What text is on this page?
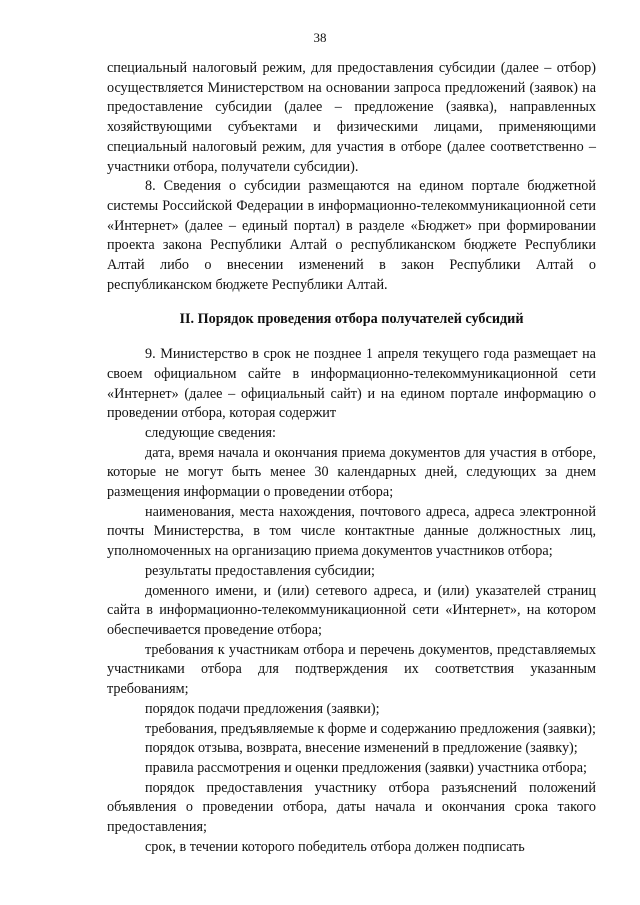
38

специальный налоговый режим, для предоставления субсидии (далее – отбор) осуществляется Министерством на основании запроса предложений (заявок) на предоставление субсидии (далее – предложение (заявка), направленных хозяйствующими субъектами и физическими лицами, применяющими специальный налоговый режим, для участия в отборе (далее соответственно – участники отбора, получатели субсидии).

8. Сведения о субсидии размещаются на едином портале бюджетной системы Российской Федерации в информационно-телекоммуникационной сети «Интернет» (далее – единый портал) в разделе «Бюджет» при формировании проекта закона Республики Алтай о республиканском бюджете Республики Алтай либо о внесении изменений в закон Республики Алтай о республиканском бюджете Республики Алтай.

II. Порядок проведения отбора получателей субсидий

9. Министерство в срок не позднее 1 апреля текущего года размещает на своем официальном сайте в информационно-телекоммуникационной сети «Интернет» (далее – официальный сайт) и на едином портале информацию о проведении отбора, которая содержит

следующие сведения:

дата, время начала и окончания приема документов для участия в отборе, которые не могут быть менее 30 календарных дней, следующих за днем размещения информации о проведении отбора;

наименования, места нахождения, почтового адреса, адреса электронной почты Министерства, в том числе контактные данные должностных лиц, уполномоченных на организацию приема документов участников отбора;

результаты предоставления субсидии;

доменного имени, и (или) сетевого адреса, и (или) указателей страниц сайта в информационно-телекоммуникационной сети «Интернет», на котором обеспечивается проведение отбора;

требования к участникам отбора и перечень документов, представляемых участниками отбора для подтверждения их соответствия указанным требованиям;

порядок подачи предложения (заявки);

требования, предъявляемые к форме и содержанию предложения (заявки);

порядок отзыва, возврата, внесение изменений в предложение (заявку);

правила рассмотрения и оценки предложения (заявки) участника отбора;

порядок предоставления участнику отбора разъяснений положений объявления о проведении отбора, даты начала и окончания срока такого предоставления;

срок, в течении которого победитель отбора должен подписать
